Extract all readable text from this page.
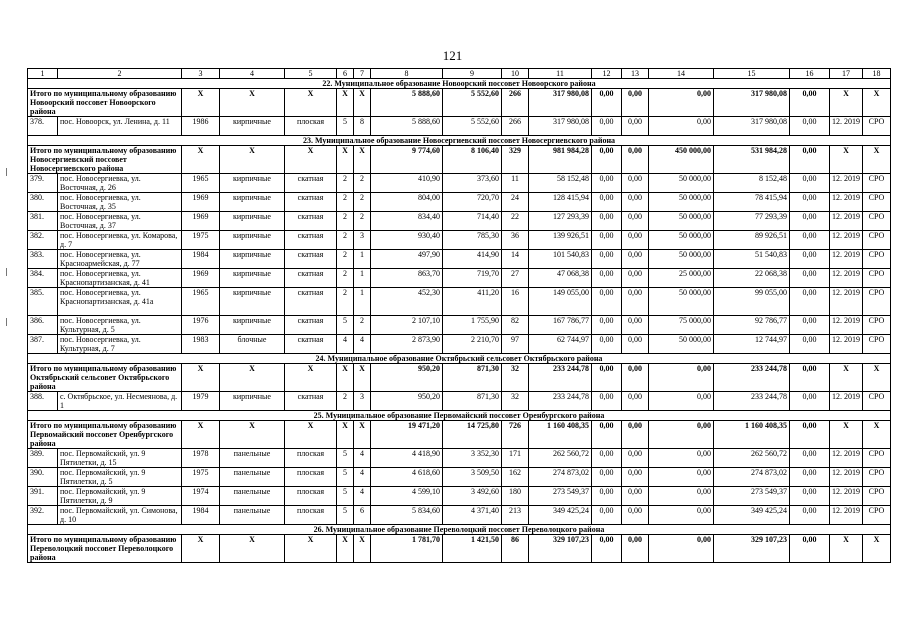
121
1	2	3	4	5	6	7	8	9	10	11	12	13	14	15	16	17	18
22. Муниципальное образование Новоорский поссовет Новоорского района																	
Итого по муниципальному образованию Новоорский поссовет Новоорского района		X	X	X	X	X	5 888,60	5 552,60	266	317 980,08	0,00	0,00	0,00	317 980,08	0,00	X	X
378.	пос. Новоорск, ул. Ленина, д. 11	1986	кирпичные	плоская	5	8	5 888,60	5 552,60	266	317 980,08	0,00	0,00	0,00	317 980,08	0,00	12. 2019	СРО
23. Муниципальное образование Новосергиевский поссовет Новосергиевского района																	
Итого по муниципальному образованию Новосергиевский поссовет Новосергиевского района		X	X	X	X	X	9 774,60	8 106,40	329	981 984,28	0,00	0,00	450 000,00	531 984,28	0,00	X	X
379.	пос. Новосергиевка, ул. Восточная, д. 26	1965	кирпичные	скатная	2	2	410,90	373,60	11	58 152,48	0,00	0,00	50 000,00	8 152,48	0,00	12. 2019	СРО
380.	пос. Новосергиевка, ул. Восточная, д. 35	1969	кирпичные	скатная	2	2	804,00	720,70	24	128 415,94	0,00	0,00	50 000,00	78 415,94	0,00	12. 2019	СРО
381.	пос. Новосергиевка, ул. Восточная, д. 37	1969	кирпичные	скатная	2	2	834,40	714,40	22	127 293,39	0,00	0,00	50 000,00	77 293,39	0,00	12. 2019	СРО
382.	пос. Новосергиевка, ул. Комарова, д. 7	1975	кирпичные	скатная	2	3	930,40	785,30	36	139 926,51	0,00	0,00	50 000,00	89 926,51	0,00	12. 2019	СРО
383.	пос. Новосергиевка, ул. Красноармейская, д. 77	1984	кирпичные	скатная	2	1	497,90	414,90	14	101 540,83	0,00	0,00	50 000,00	51 540,83	0,00	12. 2019	СРО
384.	пос. Новосергиевка, ул. Краснопартизанская, д. 41	1969	кирпичные	скатная	2	1	863,70	719,70	27	47 068,38	0,00	0,00	25 000,00	22 068,38	0,00	12. 2019	СРО
385.	пос. Новосергиевка, ул. Краснопартизанская, д. 41а	1965	кирпичные	скатная	2	1	452,30	411,20	16	149 055,00	0,00	0,00	50 000,00	99 055,00	0,00	12. 2019	СРО
386.	пос. Новосергиевка, ул. Культурная, д. 5	1976	кирпичные	скатная	5	2	2 107,10	1 755,90	82	167 786,77	0,00	0,00	75 000,00	92 786,77	0,00	12. 2019	СРО
387.	пос. Новосергиевка, ул. Культурная, д. 7	1983	блочные	скатная	4	4	2 873,90	2 210,70	97	62 744,97	0,00	0,00	50 000,00	12 744,97	0,00	12. 2019	СРО
24. Муниципальное образование Октябрьский сельсовет Октябрьского района																	
Итого по муниципальному образованию Октябрьский сельсовет Октябрьского района		X	X	X	X	X	950,20	871,30	32	233 244,78	0,00	0,00	0,00	233 244,78	0,00	X	X
388.	с. Октябрьское, ул. Несмеянова, д. 1	1979	кирпичные	скатная	2	3	950,20	871,30	32	233 244,78	0,00	0,00	0,00	233 244,78	0,00	12. 2019	СРО
25. Муниципальное образование Первомайский поссовет Оренбургского района																	
Итого по муниципальному образованию Первомайский поссовет Оренбургского района		X	X	X	X	X	19 471,20	14 725,80	726	1 160 408,35	0,00	0,00	0,00	1 160 408,35	0,00	X	X
389.	пос. Первомайский, ул. 9 Пятилетки, д. 15	1978	панельные	плоская	5	4	4 418,90	3 352,30	171	262 560,72	0,00	0,00	0,00	262 560,72	0,00	12. 2019	СРО
390.	пос. Первомайский, ул. 9 Пятилетки, д. 5	1975	панельные	плоская	5	4	4 618,60	3 509,50	162	274 873,02	0,00	0,00	0,00	274 873,02	0,00	12. 2019	СРО
391.	пос. Первомайский, ул. 9 Пятилетки, д. 9	1974	панельные	плоская	5	4	4 599,10	3 492,60	180	273 549,37	0,00	0,00	0,00	273 549,37	0,00	12. 2019	СРО
392.	пос. Первомайский, ул. Симонова, д. 10	1984	панельные	плоская	5	6	5 834,60	4 371,40	213	349 425,24	0,00	0,00	0,00	349 425,24	0,00	12. 2019	СРО
26. Муниципальное образование Переволоцкий поссовет Переволоцкого района																	
Итого по муниципальному образованию Переволоцкий поссовет Переволоцкого района		X	X	X	X	X	1 781,70	1 421,50	86	329 107,23	0,00	0,00	0,00	329 107,23	0,00	X	X
